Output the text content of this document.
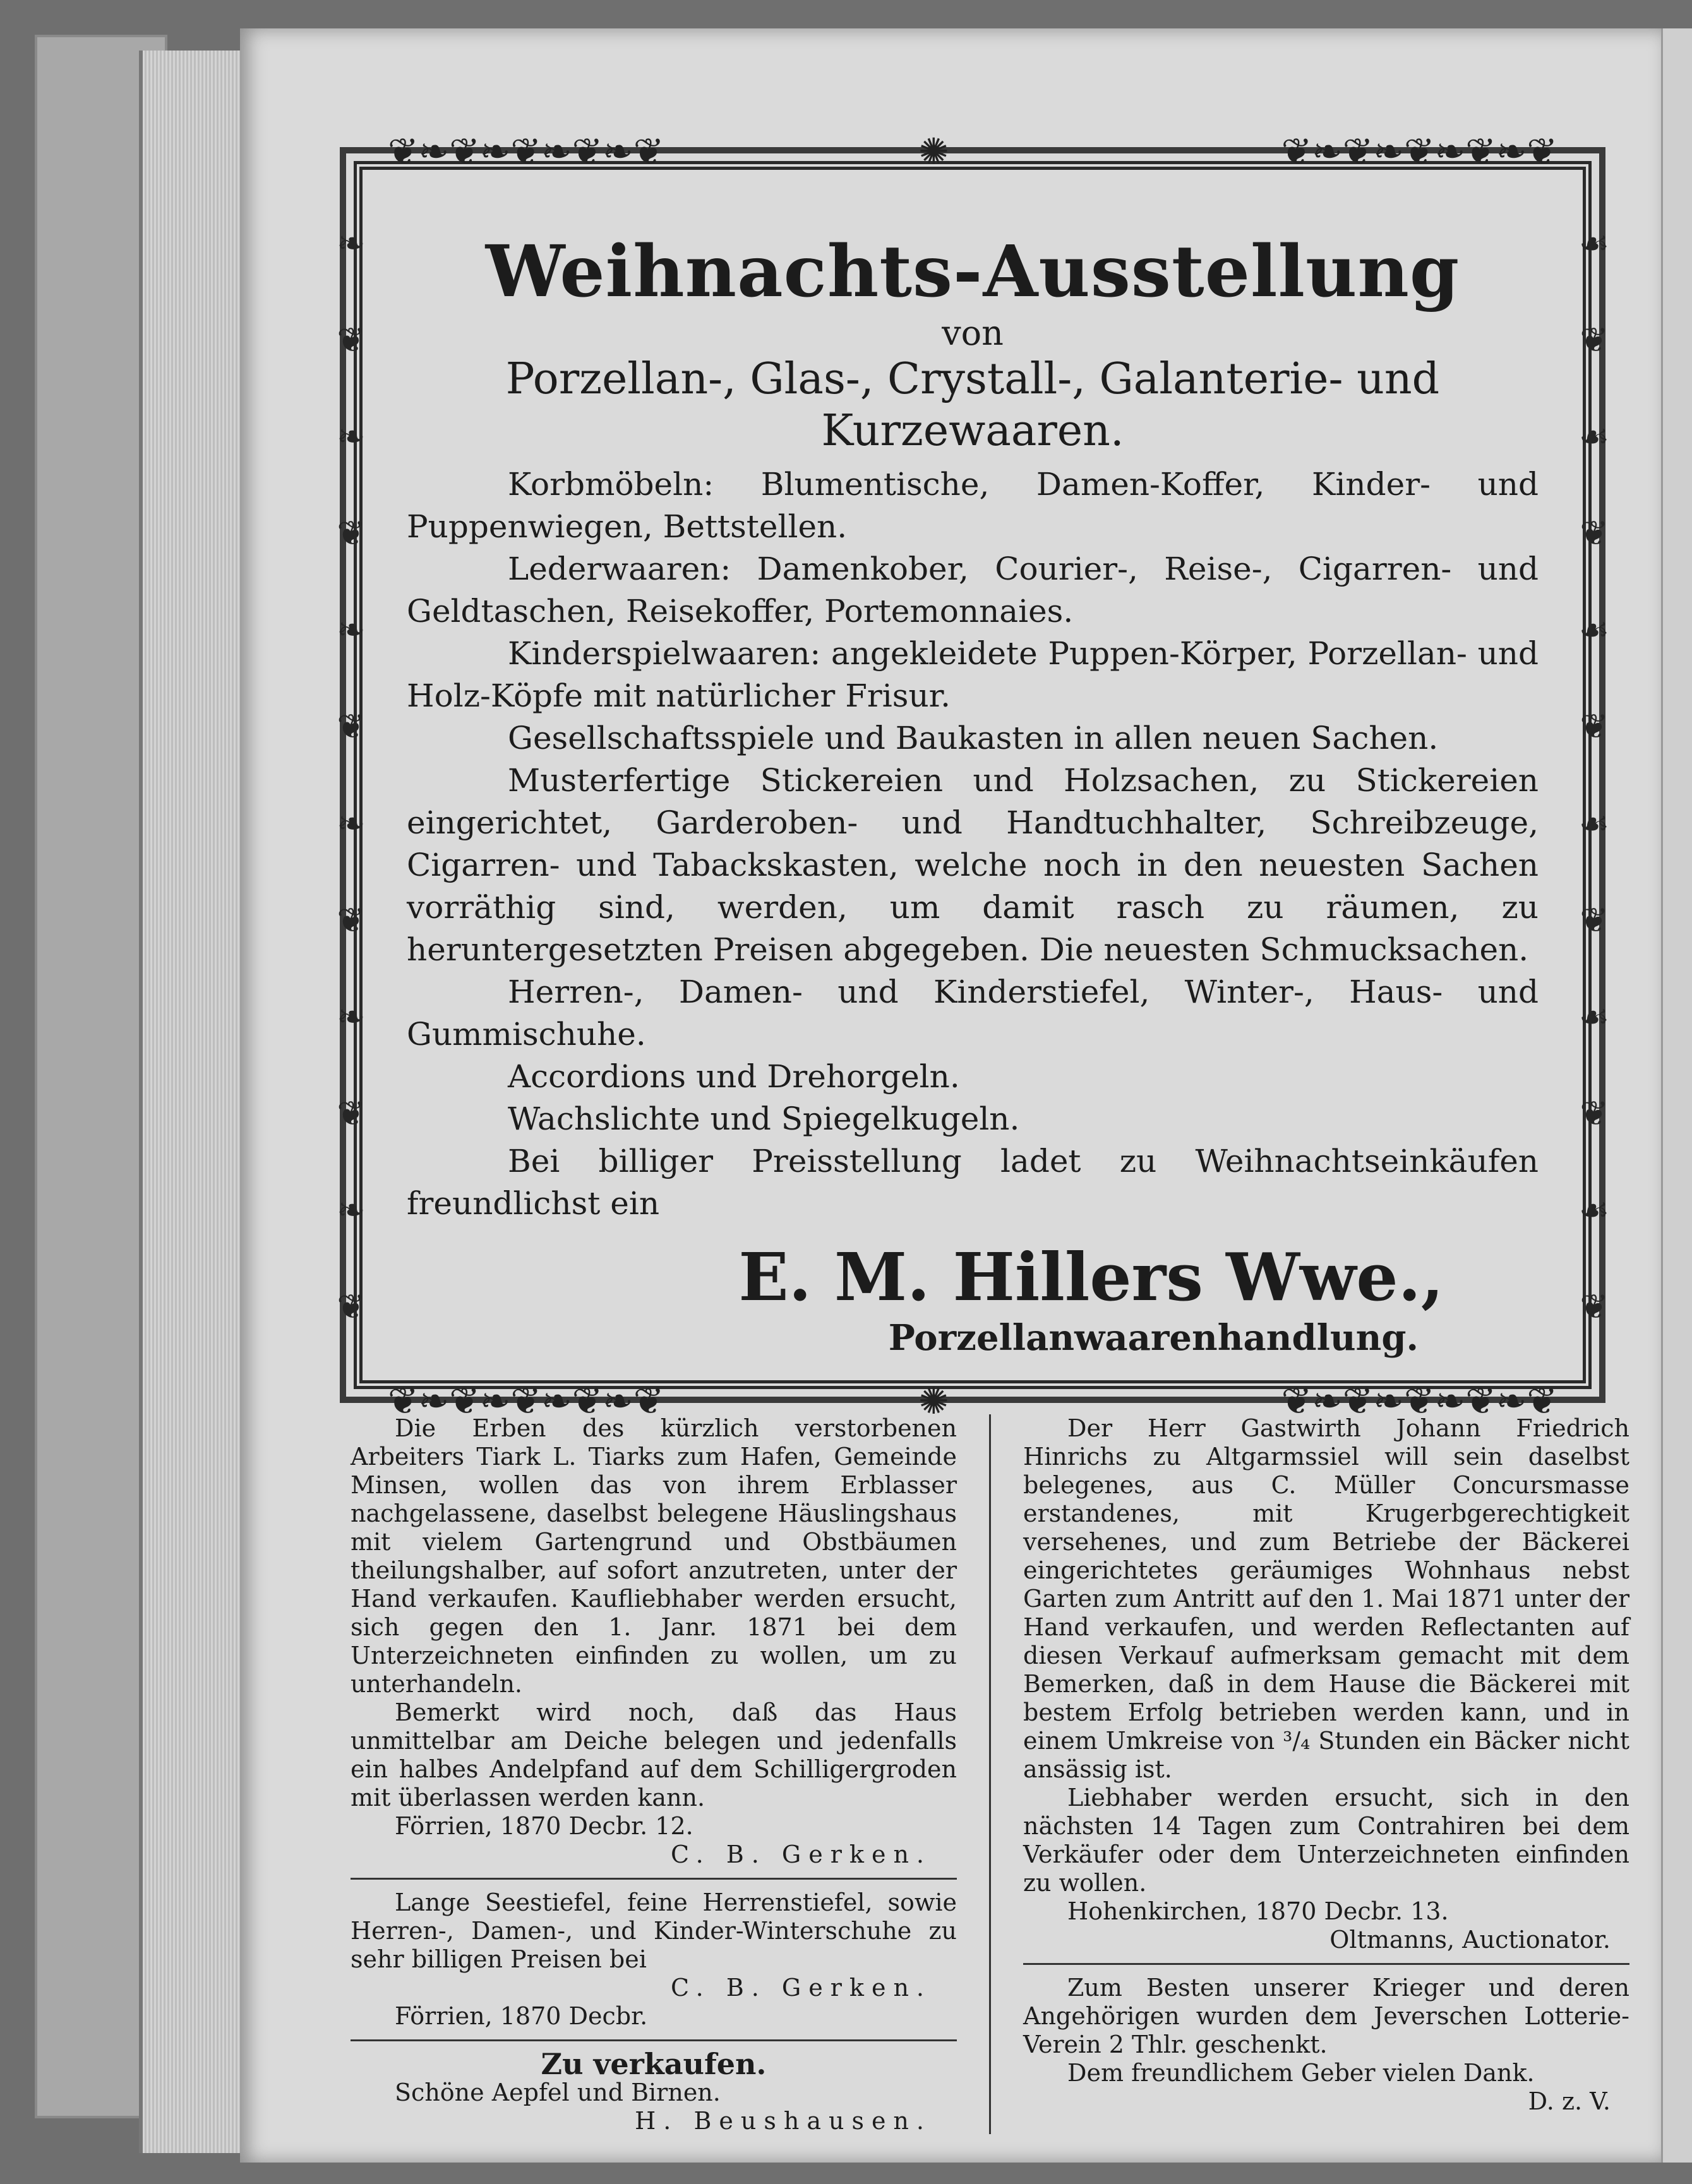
❦❧❦❧❦❧❦❧❦	✺	❦❧❦❧❦❧❦❧❦
❦❧❦❧❦❧❦❧❦	✺	❦❧❦❧❦❧❦❧❦
❧
❦
❧
❦
❧
❦
❧
❦
❧
❦
❧
❦
☙
❦
☙
❦
☙
❦
☙
❦
☙
❦
☙
❦
Weihnachts-Ausstellung
von
Porzellan-, Glas-, Crystall-, Galanterie- und
Kurzewaaren.

Korbmöbeln: Blumentische, Damen-Koffer, Kinder- und Puppenwiegen, Bettstellen.

Lederwaaren: Damenkober, Courier-, Reise-, Cigarren- und Geldtaschen, Reisekoffer, Portemonnaies.

Kinderspielwaaren: angekleidete Puppen-Körper, Porzellan- und Holz-Köpfe mit natürlicher Frisur.

Gesellschaftsspiele und Baukasten in allen neuen Sachen.

Musterfertige Stickereien und Holzsachen, zu Stickereien eingerichtet, Garderoben- und Handtuchhalter, Schreibzeuge, Cigarren- und Tabackskasten, welche noch in den neuesten Sachen vorräthig sind, werden, um damit rasch zu räumen, zu heruntergesetzten Preisen abgegeben. Die neuesten Schmucksachen.

Herren-, Damen- und Kinderstiefel, Winter-, Haus- und Gummischuhe.

Accordions und Drehorgeln.

Wachslichte und Spiegelkugeln.

Bei billiger Preisstellung ladet zu Weihnachtseinkäufen freundlichst ein

E. M. Hillers Wwe.,
Porzellanwaarenhandlung.

Die Erben des kürzlich verstorbenen Arbeiters Tiark L. Tiarks zum Hafen, Gemeinde Minsen, wollen das von ihrem Erblasser nachgelassene, daselbst belegene Häuslingshaus mit vielem Gartengrund und Obstbäumen theilungshalber, auf sofort anzutreten, unter der Hand verkaufen. Kaufliebhaber werden ersucht, sich gegen den 1. Janr. 1871 bei dem Unterzeichneten einfinden zu wollen, um zu unterhandeln.

Bemerkt wird noch, daß das Haus unmittelbar am Deiche belegen und jedenfalls ein halbes Andelpfand auf dem Schilligergroden mit überlassen werden kann.

Förrien, 1870 Decbr. 12.

C. B. Gerken.

Lange Seestiefel, feine Herrenstiefel, sowie Herren-, Damen-, und Kinder-Winterschuhe zu sehr billigen Preisen bei

C. B. Gerken.

Förrien, 1870 Decbr.

Zu verkaufen.

Schöne Aepfel und Birnen.

H. Beushausen.

Der Herr Gastwirth Johann Friedrich Hinrichs zu Altgarmssiel will sein daselbst belegenes, aus C. Müller Concursmasse erstandenes, mit Krugerbgerechtigkeit versehenes, und zum Betriebe der Bäckerei eingerichtetes geräumiges Wohnhaus nebst Garten zum Antritt auf den 1. Mai 1871 unter der Hand verkaufen, und werden Reflectanten auf diesen Verkauf aufmerksam gemacht mit dem Bemerken, daß in dem Hause die Bäckerei mit bestem Erfolg betrieben werden kann, und in einem Umkreise von ³/₄ Stunden ein Bäcker nicht ansässig ist.

Liebhaber werden ersucht, sich in den nächsten 14 Tagen zum Contrahiren bei dem Verkäufer oder dem Unterzeichneten einfinden zu wollen.

Hohenkirchen, 1870 Decbr. 13.

Oltmanns, Auctionator.

Zum Besten unserer Krieger und deren Angehörigen wurden dem Jeverschen Lotterie-Verein 2 Thlr. geschenkt.

Dem freundlichem Geber vielen Dank.

D. z. V.
